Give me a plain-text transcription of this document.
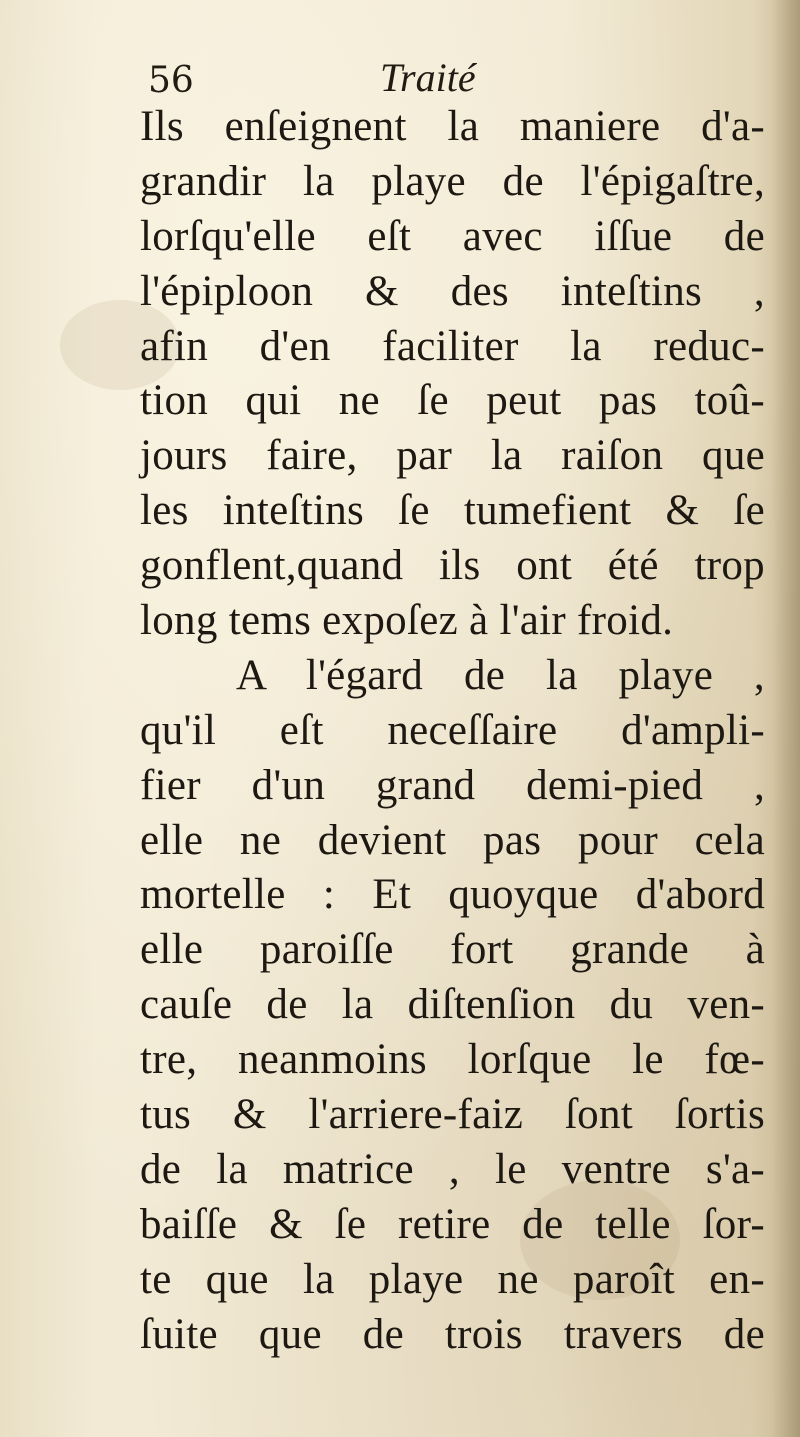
56	Traité
Ils enſeignent la maniere d'a-
grandir la playe de l'épigaſtre,
lorſqu'elle eſt avec iſſue de
l'épiploon & des inteſtins ,
afin d'en faciliter la reduc-
tion qui ne ſe peut pas toû-
jours faire, par la raiſon que
les inteſtins ſe tumefient & ſe
gonflent,quand ils ont été trop
long tems expoſez à l'air froid.
A l'égard de la playe ,
qu'il eſt neceſſaire d'ampli-
fier d'un grand demi-pied ,
elle ne devient pas pour cela
mortelle : Et quoyque d'abord
elle paroiſſe fort grande à
cauſe de la diſtenſion du ven-
tre, neanmoins lorſque le fœ-
tus & l'arriere-faiz ſont ſortis
de la matrice , le ventre s'a-
baiſſe & ſe retire de telle ſor-
te que la playe ne paroît en-
ſuite que de trois travers de
